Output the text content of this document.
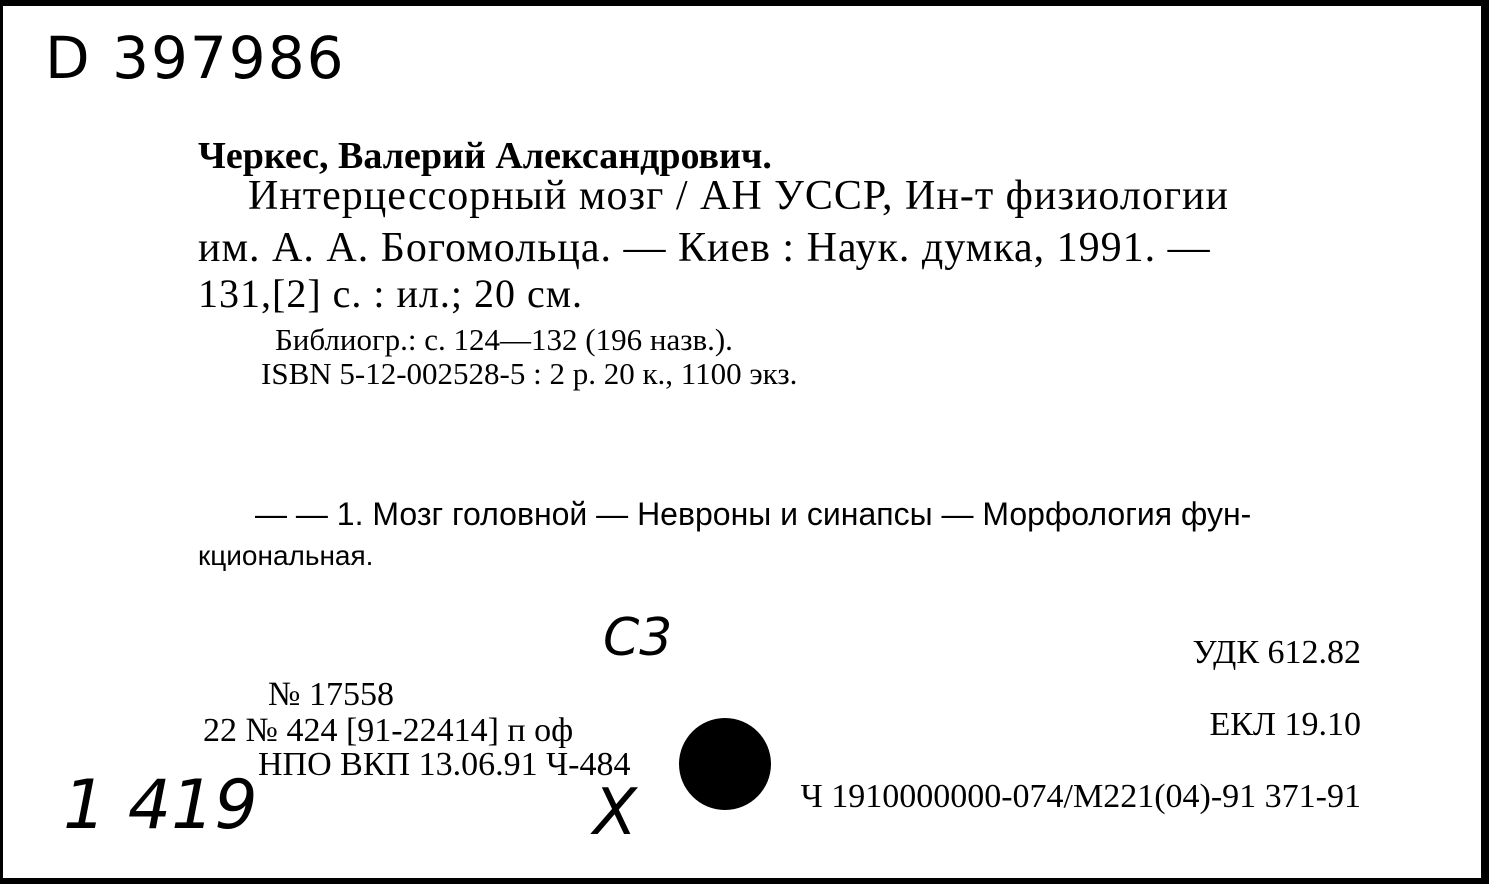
D 397986

Черкес, Валерий Александрович.

Интерцессорный мозг / АН УССР, Ин-т физиологии

им. А. А. Богомольца. — Киев : Наук. думка, 1991. —

131,[2] с. : ил.; 20 см.

Библиогр.: с. 124—132 (196 назв.).

ISBN 5-12-002528-5 : 2 р. 20 к., 1100 экз.

— — 1. Мозг головной — Невроны и синапсы — Морфология фун-

кциональная.

№ 17558

22 № 424 [91-22414] п оф

НПО ВКП 13.06.91 Ч-484

УДК 612.82

ЕКЛ 19.10

Ч 1910000000-074/М221(04)-91 371-91

С3

1 419	Х
